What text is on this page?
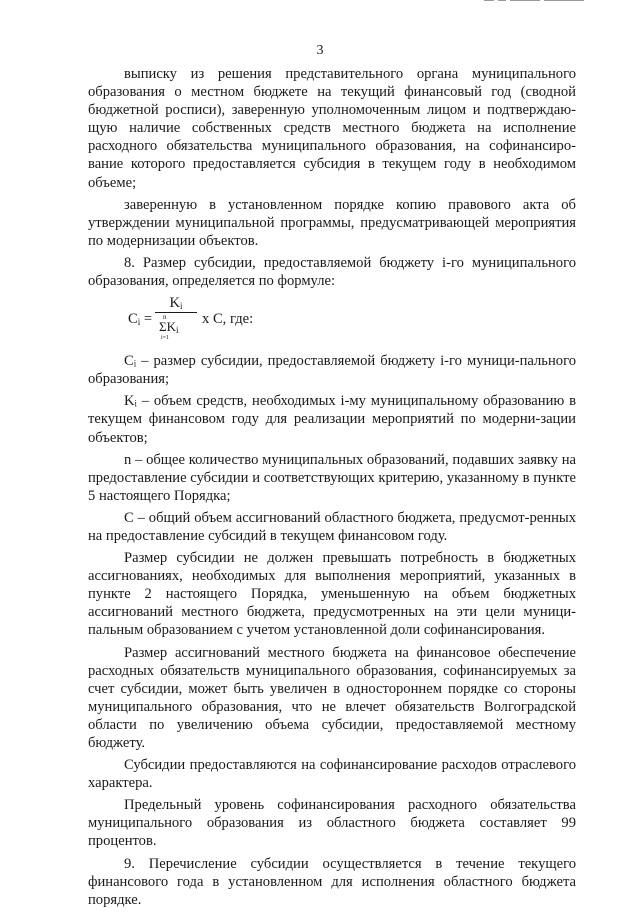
3

выписку из решения представительного органа муниципального образования о местном бюджете на текущий финансовый год (сводной бюджетной росписи), заверенную уполномоченным лицом и подтверждаю-щую наличие собственных средств местного бюджета на исполнение расходного обязательства муниципального образования, на софинансиро-вание которого предоставляется субсидия в текущем году в необходимом объеме;

заверенную в установленном порядке копию правового акта об утверждении муниципальной программы, предусматривающей мероприятия по модернизации объектов.

8. Размер субсидии, предоставляемой бюджету i-го муниципального образования, определяется по формуле:

$C_i$ =
$K_i$
n
$\Sigma K_i$
i=1
x C, где:

Cᵢ – размер субсидии, предоставляемой бюджету i-го муници-пального образования;

Kᵢ – объем средств, необходимых i-му муниципальному образованию в текущем финансовом году для реализации мероприятий по модерни-зации объектов;

n – общее количество муниципальных образований, подавших заявку на предоставление субсидии и соответствующих критерию, указанному в пункте 5 настоящего Порядка;

C – общий объем ассигнований областного бюджета, предусмот-ренных на предоставление субсидий в текущем финансовом году.

Размер субсидии не должен превышать потребность в бюджетных ассигнованиях, необходимых для выполнения мероприятий, указанных в пункте 2 настоящего Порядка, уменьшенную на объем бюджетных ассигнований местного бюджета, предусмотренных на эти цели муници-пальным образованием с учетом установленной доли софинансирования.

Размер ассигнований местного бюджета на финансовое обеспечение расходных обязательств муниципального образования, софинансируемых за счет субсидии, может быть увеличен в одностороннем порядке со стороны муниципального образования, что не влечет обязательств Волгоградской области по увеличению объема субсидии, предоставляемой местному бюджету.

Субсидии предоставляются на софинансирование расходов отраслевого характера.

Предельный уровень софинансирования расходного обязательства муниципального образования из областного бюджета составляет 99 процентов.

9. Перечисление субсидии осуществляется в течение текущего финансового года в установленном для исполнения областного бюджета порядке.
